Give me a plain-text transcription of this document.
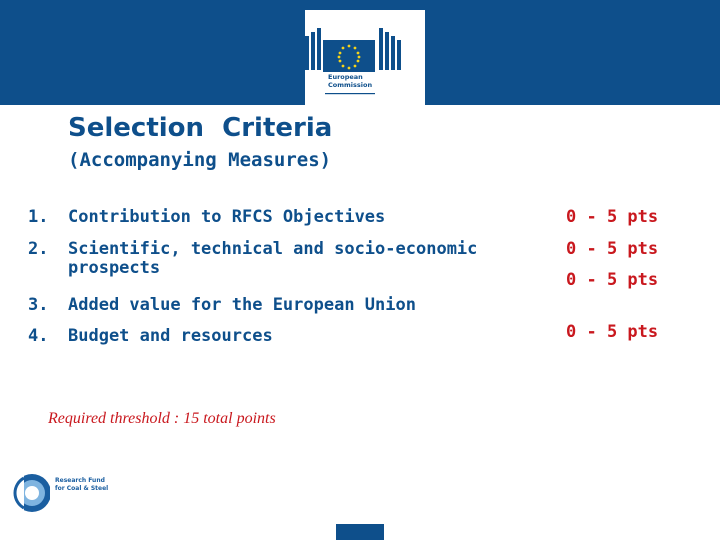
European Commission
Selection  Criteria
(Accompanying Measures)
1. Contribution to RFCS Objectives
2. Scientific, technical and socio-economic prospects
3. Added value for the European Union
4. Budget and resources
0 - 5 pts
0 - 5 pts
0 - 5 pts
0 - 5 pts
Required threshold : 15 total points
Research Fund for Coal & Steel
